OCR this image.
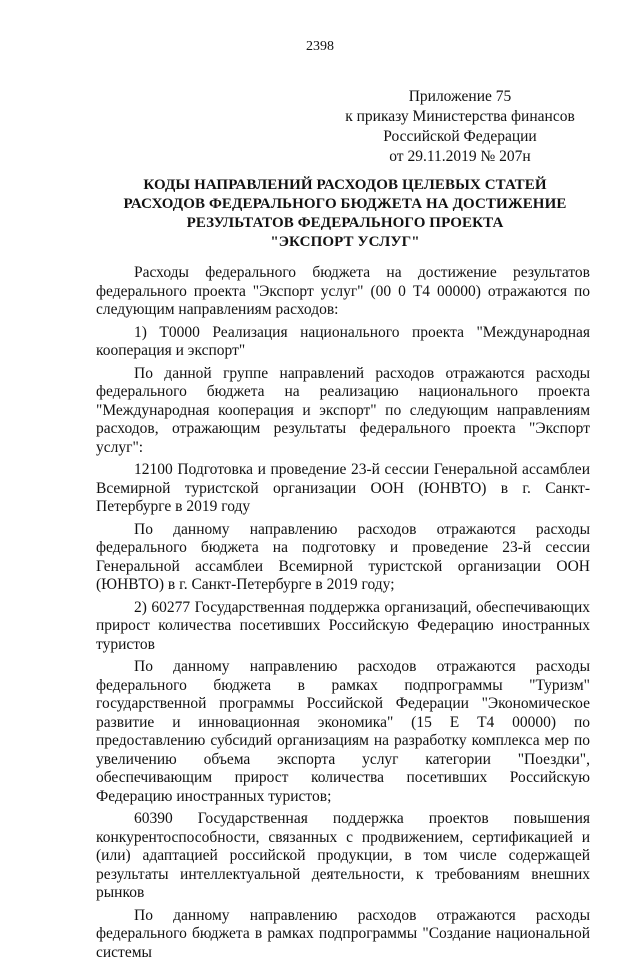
2398
Приложение 75
к приказу Министерства финансов
Российской Федерации
от 29.11.2019 № 207н
КОДЫ НАПРАВЛЕНИЙ РАСХОДОВ ЦЕЛЕВЫХ СТАТЕЙ
РАСХОДОВ ФЕДЕРАЛЬНОГО БЮДЖЕТА НА ДОСТИЖЕНИЕ
РЕЗУЛЬТАТОВ ФЕДЕРАЛЬНОГО ПРОЕКТА
"ЭКСПОРТ УСЛУГ"

Расходы федерального бюджета на достижение результатов федерального проекта "Экспорт услуг" (00 0 Т4 00000) отражаются по следующим направлениям расходов:

1) Т0000 Реализация национального проекта "Международная кооперация и экспорт"

По данной группе направлений расходов отражаются расходы федерального бюджета на реализацию национального проекта "Международная кооперация и экспорт" по следующим направлениям расходов, отражающим результаты федерального проекта "Экспорт услуг":

12100 Подготовка и проведение 23-й сессии Генеральной ассамблеи Всемирной туристской организации ООН (ЮНВТО) в г. Санкт-Петербурге в 2019 году

По данному направлению расходов отражаются расходы федерального бюджета на подготовку и проведение 23-й сессии Генеральной ассамблеи Всемирной туристской организации ООН (ЮНВТО) в г. Санкт-Петербурге в 2019 году;

2) 60277 Государственная поддержка организаций, обеспечивающих прирост количества посетивших Российскую Федерацию иностранных туристов

По данному направлению расходов отражаются расходы федерального бюджета в рамках подпрограммы "Туризм" государственной программы Российской Федерации "Экономическое развитие и инновационная экономика" (15 Е Т4 00000) по предоставлению субсидий организациям на разработку комплекса мер по увеличению объема экспорта услуг категории "Поездки", обеспечивающим прирост количества посетивших Российскую Федерацию иностранных туристов;

60390 Государственная поддержка проектов повышения конкурентоспособности, связанных с продвижением, сертификацией и (или) адаптацией российской продукции, в том числе содержащей результаты интеллектуальной деятельности, к требованиям внешних рынков

По данному направлению расходов отражаются расходы федерального бюджета в рамках подпрограммы "Создание национальной системы
